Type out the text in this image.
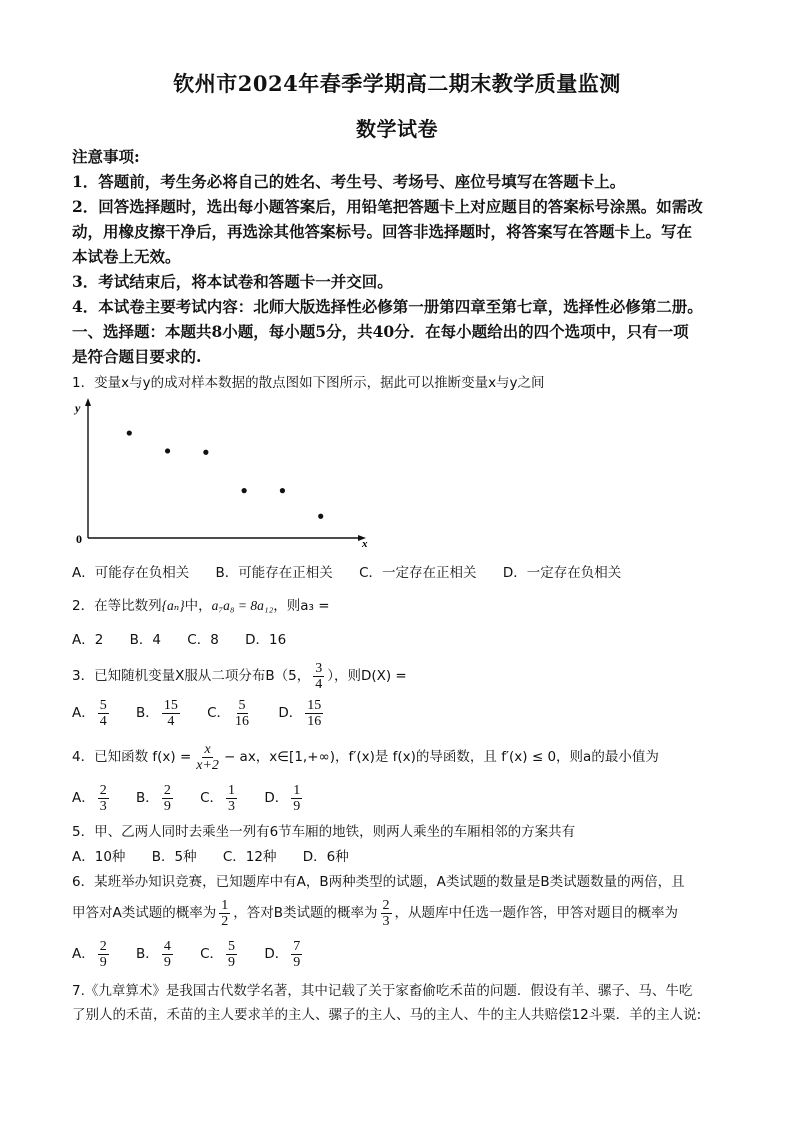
钦州市2024年春季学期高二期末教学质量监测
数学试卷
注意事项:
1．答题前，考生务必将自己的姓名、考生号、考场号、座位号填写在答题卡上。
2．回答选择题时，选出每小题答案后，用铅笔把答题卡上对应题目的答案标号涂黑。如需改
动，用橡皮擦干净后，再选涂其他答案标号。回答非选择题时，将答案写在答题卡上。写在
本试卷上无效。
3．考试结束后，将本试卷和答题卡一并交回。
4．本试卷主要考试内容：北师大版选择性必修第一册第四章至第七章，选择性必修第二册。
一、选择题：本题共8小题，每小题5分，共40分．在每小题给出的四个选项中，只有一项
是符合题目要求的.
1．变量x与y的成对样本数据的散点图如下图所示，据此可以推断变量x与y之间
y
x
0
A．可能存在负相关 B．可能存在正相关 C．一定存在正相关 D．一定存在负相关
2．在等比数列{aₙ}中，a₇a₈ = 8a₁₂，则a₃ =
A．2 B．4 C．8 D．16
3．已知随机变量X服从二项分布B（5， $\frac{3}{4}$ ），则D(X) =
A． $\frac{5}{4}$
B． $\frac{15}{4}$
C． $\frac{5}{16}$
D． $\frac{15}{16}$
4．已知函数 $f(x) = \frac{x}{x+2}$ − ax，x∈[1,+∞)，f′(x)是 f(x)的导函数，且 f′(x) ≤ 0，则a的最小值为
A． $\frac{2}{3}$
B． $\frac{2}{9}$
C． $\frac{1}{3}$
D． $\frac{1}{9}$
5．甲、乙两人同时去乘坐一列有6节车厢的地铁，则两人乘坐的车厢相邻的方案共有
A．10种 B．5种 C．12种 D．6种
6．某班举办知识竞赛，已知题库中有A，B两种类型的试题，A类试题的数量是B类试题数量的两倍，且
甲答对A类试题的概率为 $\frac{1}{2}$ ，答对B类试题的概率为 $\frac{2}{3}$ ，从题库中任选一题作答，甲答对题目的概率为
A． $\frac{2}{9}$
B． $\frac{4}{9}$
C． $\frac{5}{9}$
D． $\frac{7}{9}$
7.《九章算术》是我国古代数学名著，其中记载了关于家畜偷吃禾苗的问题．假设有羊、骡子、马、牛吃
了别人的禾苗，禾苗的主人要求羊的主人、骡子的主人、马的主人、牛的主人共赔偿12斗粟．羊的主人说:
